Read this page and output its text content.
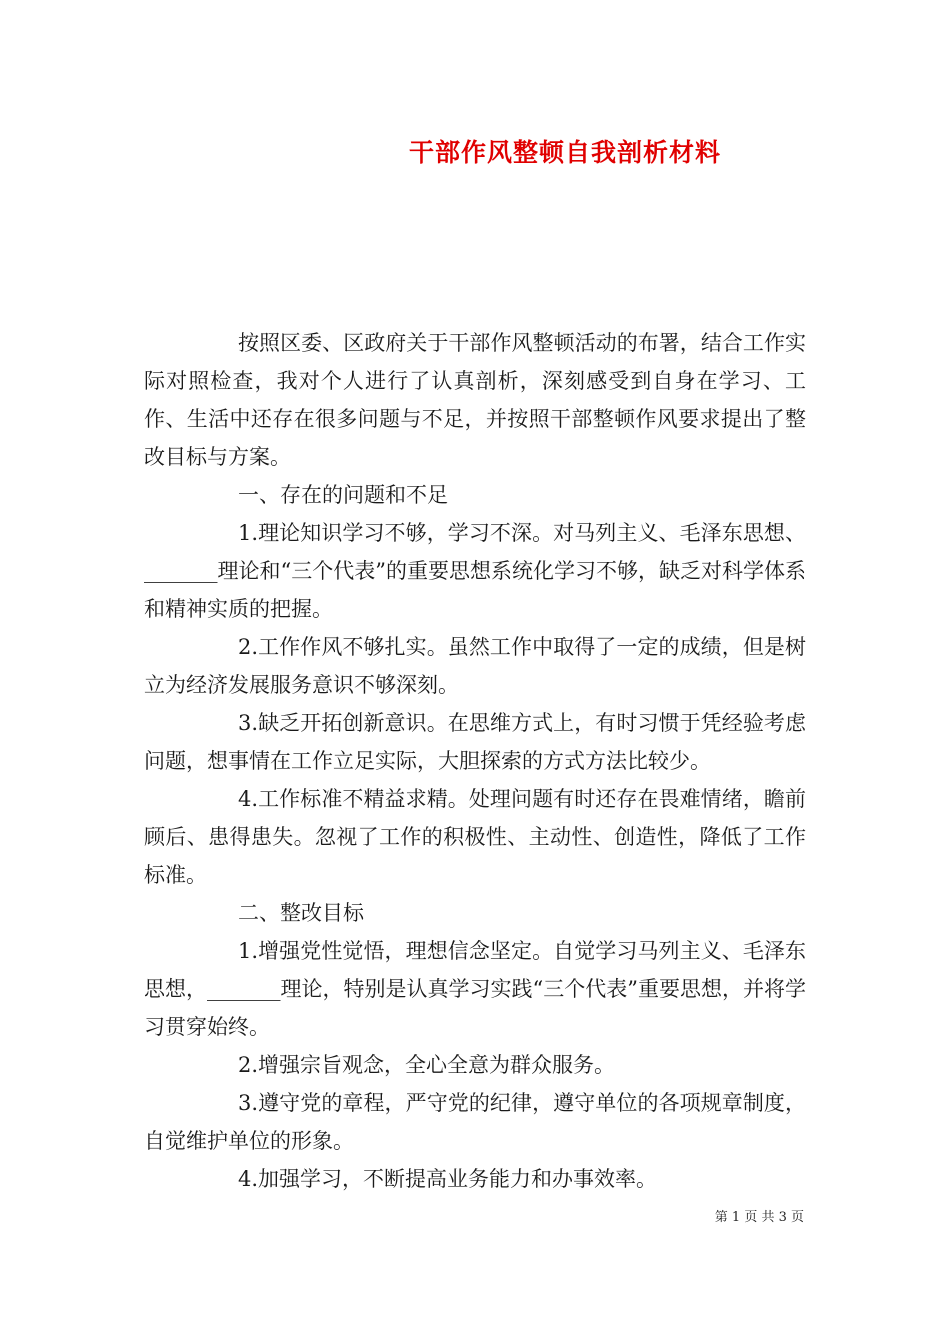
干部作风整顿自我剖析材料

按照区委、区政府关于干部作风整顿活动的布署，结合工作实际对照检查，我对个人进行了认真剖析，深刻感受到自身在学习、工作、生活中还存在很多问题与不足，并按照干部整顿作风要求提出了整改目标与方案。

一、存在的问题和不足

1.理论知识学习不够，学习不深。对马列主义、毛泽东思想、_______理论和“三个代表”的重要思想系统化学习不够，缺乏对科学体系和精神实质的把握。

2.工作作风不够扎实。虽然工作中取得了一定的成绩，但是树立为经济发展服务意识不够深刻。

3.缺乏开拓创新意识。在思维方式上，有时习惯于凭经验考虑问题，想事情在工作立足实际，大胆探索的方式方法比较少。

4.工作标准不精益求精。处理问题有时还存在畏难情绪，瞻前顾后、患得患失。忽视了工作的积极性、主动性、创造性，降低了工作标准。

二、整改目标

1.增强党性觉悟，理想信念坚定。自觉学习马列主义、毛泽东思想，_______理论，特别是认真学习实践“三个代表”重要思想，并将学习贯穿始终。

2.增强宗旨观念，全心全意为群众服务。

3.遵守党的章程，严守党的纪律，遵守单位的各项规章制度，自觉维护单位的形象。

4.加强学习，不断提高业务能力和办事效率。

第 1 页 共 3 页
